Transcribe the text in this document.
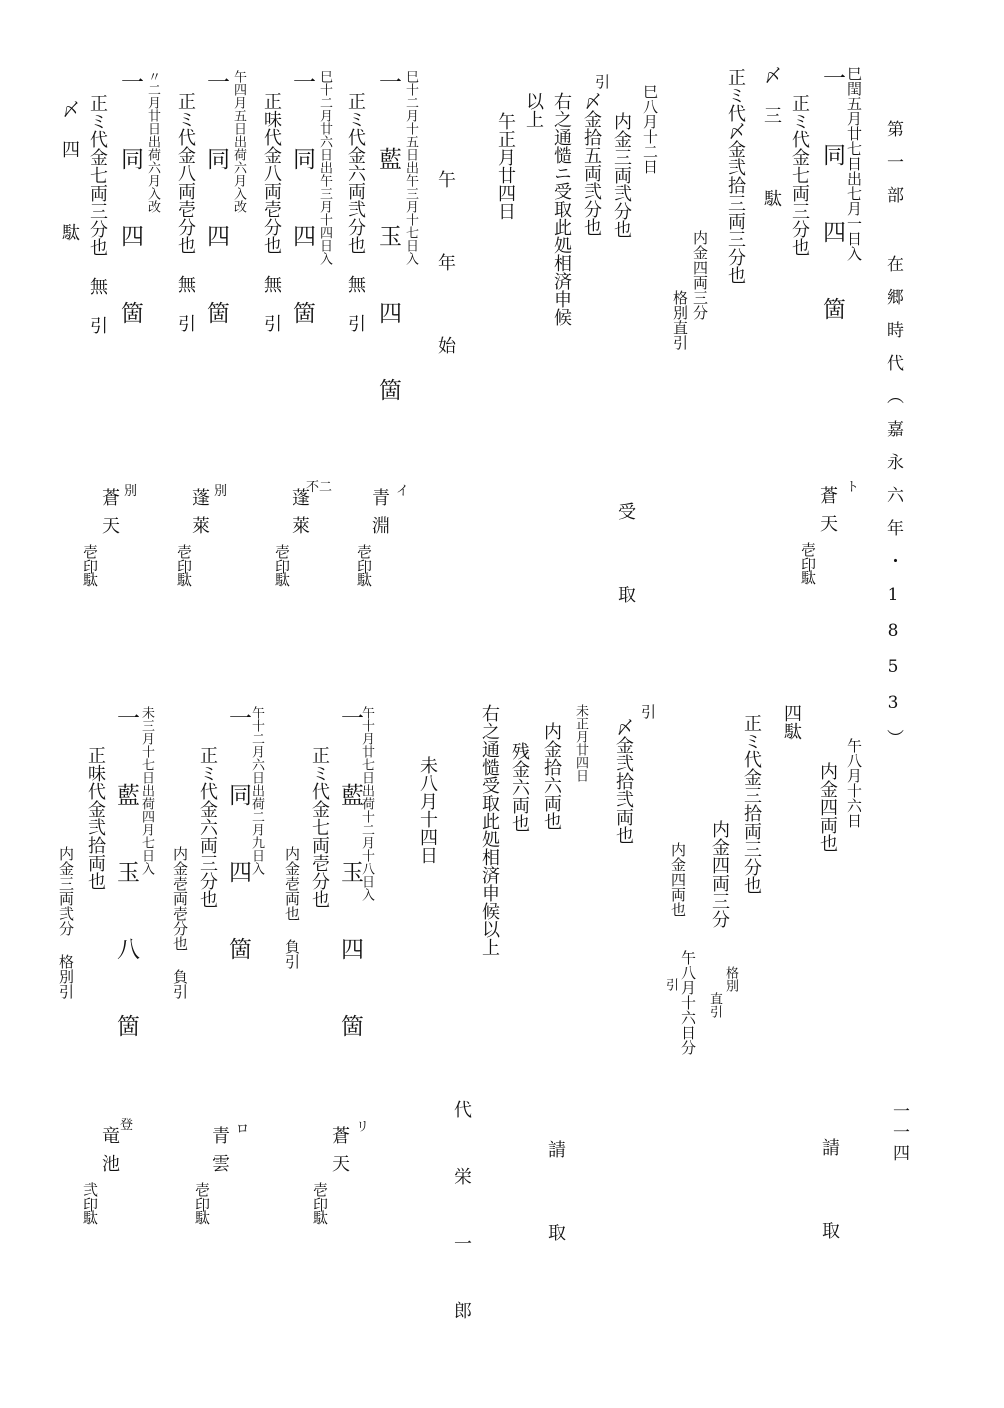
第一部 在郷時代（嘉永六年・1853）
一一四
巳閏五月廿七日出七月一日入
一 同 四 箇
正ミ代金七両三分也
〆三 駄
ト
蒼
天
壱印
駄
正ミ代〆金弐拾三両三分也
内金四両三分
格別直引
巳八月十二日
内金三両弐分也
引
〆金拾五両弐分也
右之通慥ニ受取此処相済申候
以上
受 取
午正月廿四日
午 年 始
巳十二月十五日出午三月十七日入
一 藍 玉 四 箇
正ミ代金六両弐分也 無 引
イ
青
淵
壱印
駄
巳十二月廿六日出午三月十四日入
一 同 四 箇
正味代金八両壱分也 無 引
不二
蓬
萊
壱印
駄
午四月五日出荷六月入改
一 同 四 箇
正ミ代金八両壱分也 無 引
別
蓬
萊
壱印
駄
〃二月廿日出荷六月入改
一 同 四 箇
正ミ代金七両三分也 無 引
〆四 駄
別
蒼
天
壱印
駄
午八月十六日
内金四両也
請 取
四駄
正ミ代金三拾両三分也
内金四両三分
格別
直引
内金四両也
午八月十六日分
引
引
〆金弐拾弐両也
未正月廿四日
内金拾六両也
残金六両也
右之通慥受取此処相済申候以上
請 取
未八月十四日
代 栄 一 郎
午十月廿七日出荷十二月十八日入
一 藍 玉 四 箇
正ミ代金七両壱分也
内金壱両也 負引
リ
蒼
天
壱印
駄
午十二月六日出荷二月九日入
一 同 四 箇
正ミ代金六両三分也
内金壱両壱分也 負引
ロ
青
雲
壱印
駄
未三月十七日出荷四月七日入
一 藍 玉 八 箇
正味代金弐拾両也
内金三両弐分 格別引
登
竜
池
弐印
駄
